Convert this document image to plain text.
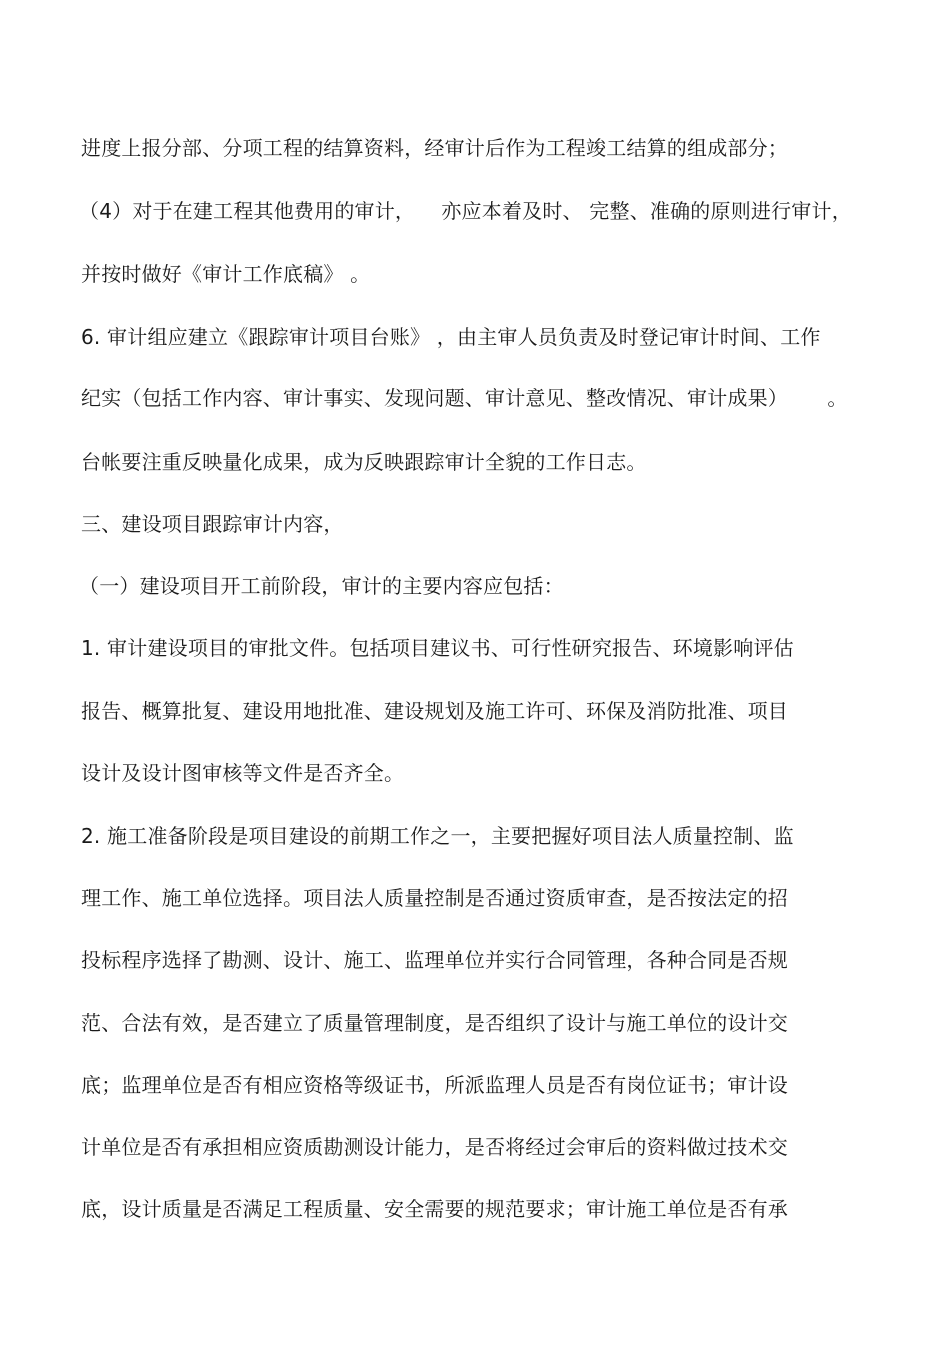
进度上报分部、分项工程的结算资料，经审计后作为工程竣工结算的组成部分；
（4）对于在建工程其他费用的审计，    亦应本着及时、 完整、准确的原则进行审计，
并按时做好《审计工作底稿》 。
6. 审计组应建立《跟踪审计项目台账》 ，由主审人员负责及时登记审计时间、工作
纪实（包括工作内容、审计事实、发现问题、审计意见、整改情况、审计成果）      。
台帐要注重反映量化成果，成为反映跟踪审计全貌的工作日志。
三、建设项目跟踪审计内容，
（一）建设项目开工前阶段，审计的主要内容应包括：
1. 审计建设项目的审批文件。包括项目建议书、可行性研究报告、环境影响评估
报告、概算批复、建设用地批准、建设规划及施工许可、环保及消防批准、项目
设计及设计图审核等文件是否齐全。
2. 施工准备阶段是项目建设的前期工作之一，主要把握好项目法人质量控制、监
理工作、施工单位选择。项目法人质量控制是否通过资质审查，是否按法定的招
投标程序选择了勘测、设计、施工、监理单位并实行合同管理，各种合同是否规
范、合法有效，是否建立了质量管理制度，是否组织了设计与施工单位的设计交
底；监理单位是否有相应资格等级证书，所派监理人员是否有岗位证书；审计设
计单位是否有承担相应资质勘测设计能力，是否将经过会审后的资料做过技术交
底，设计质量是否满足工程质量、安全需要的规范要求；审计施工单位是否有承
